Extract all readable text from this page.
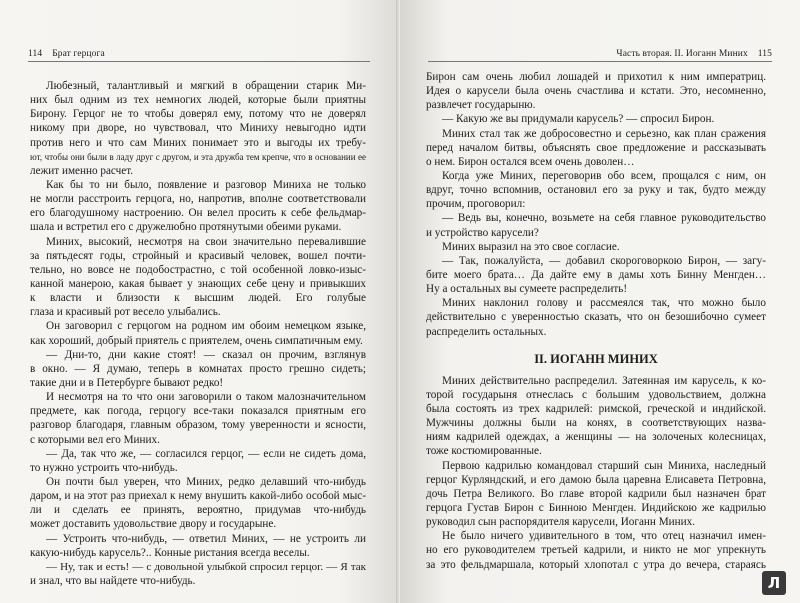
114 Брат герцога
Любезный, талантливый и мягкий в обращении старик Ми-
них был одним из тех немногих людей, которые были приятны
Бирону. Герцог не то чтобы доверял ему, потому что не доверял
никому при дворе, но чувствовал, что Миниху невыгодно идти
против него и что сам Миних понимает это и выгоды их требу-
ют, чтобы они были в ладу друг с другом, и эта дружба тем крепче, что в основании ее
лежит именно расчет.
Как бы то ни было, появление и разговор Миниха не только
не могли расстроить герцога, но, напротив, вполне соответствовали
его благодушному настроению. Он велел просить к себе фельдмар-
шала и встретил его с дружелюбно протянутыми обеими руками.
Миних, высокий, несмотря на свои значительно перевалившие
за пятьдесят годы, стройный и красивый человек, вошел почти-
тельно, но вовсе не подобострастно, с той особенной ловко-изыс-
канной манерою, какая бывает у знающих себе цену и привыкших
к власти и близости к высшим людей. Его голубые
глаза и красивый рот весело улыбались.
Он заговорил с герцогом на родном им обоим немецком языке,
как хороший, добрый приятель с приятелем, очень симпатичным ему.
— Дни-то, дни какие стоят! — сказал он прочим, взглянув
в окно. — Я думаю, теперь в комнатах просто грешно сидеть;
такие дни и в Петербурге бывают редко!
И несмотря на то что они заговорили о таком малозначительном
предмете, как погода, герцогу все-таки показался приятным его
разговор благодаря, главным образом, тому уверенности и ясности,
с которыми вел его Миних.
— Да, так что же, — согласился герцог, — если не сидеть дома,
то нужно устроить что-нибудь.
Он почти был уверен, что Миних, редко делавший что-нибудь
даром, и на этот раз приехал к нему внушить какой-либо особой мыс-
ли и сделать ее принять, вероятно, придумав что-нибудь
может доставить удовольствие двору и государыне.
— Устроить что-нибудь, — ответил Миних, — не устроить ли
какую-нибудь карусель?.. Конные ристания всегда веселы.
— Ну, так и есть! — с довольной улыбкой спросил герцог. — Я так
и знал, что вы найдете что-нибудь.
Часть вторая. II. Иоганн Миних 115
Бирон сам очень любил лошадей и прихотил к ним императриц.
Идея о карусели была очень счастлива и кстати. Это, несомненно,
развлечет государыню.
— Какую же вы придумали карусель? — спросил Бирон.
Миних стал так же добросовестно и серьезно, как план сражения
перед началом битвы, объяснять свое предложение и рассказывать
о нем. Бирон остался всем очень доволен…
Когда уже Миних, переговорив обо всем, прощался с ним, он
вдруг, точно вспомнив, остановил его за руку и так, будто между
прочим, проговорил:
— Ведь вы, конечно, возьмете на себя главное руководительство
и устройство карусели?
Миних выразил на это свое согласие.
— Так, пожалуйста, — добавил скороговоркою Бирон, — загу-
бите моего брата… Да дайте ему в дамы хоть Бинну Менгден…
Ну а остальных вы сумеете распределить!
Миних наклонил голову и рассмеялся так, что можно было
действительно с уверенностью сказать, что он безошибочно сумеет
распределить остальных.
II. ИОГАНН МИНИХ
Миних действительно распределил. Затеянная им карусель, к ко-
торой государыня отнеслась с большим удовольствием, должна
была состоять из трех кадрилей: римской, греческой и индийской.
Мужчины должны были на конях, в соответствующих назва-
ниям кадрилей одеждах, а женщины — на золоченых колесницах,
тоже костюмированные.
Первою кадрилью командовал старший сын Миниха, наследный
герцог Курляндский, и его дамою была царевна Елисавета Петровна,
дочь Петра Великого. Во главе второй кадрили был назначен брат
герцога Густав Бирон с Бинною Менгден. Индийскою же кадрилью
руководил сын распорядителя карусели, Иоганн Миних.
Не было ничего удивительного в том, что отец назначил имен-
но его руководителем третьей кадрили, и никто не мог упрекнуть
за это фельдмаршала, который хлопотал с утра до вечера, стараясь
Л
